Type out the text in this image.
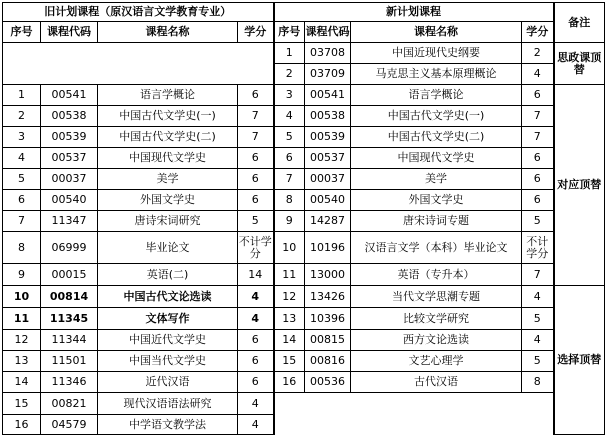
旧计划课程（原汉语言文学教育专业）				新计划课程				备注
序号	课程代码	课程名称	学分	序号	课程代码	课程名称	学分	
				1	03708	中国近现代史纲要	2	思政课顶替
				2	03709	马克思主义基本原理概论	4	
1	00541	语言学概论	6	3	00541	语言学概论	6	对应顶替
2	00538	中国古代文学史(一)	7	4	00538	中国古代文学史(一)	7	
3	00539	中国古代文学史(二)	7	5	00539	中国古代文学史(二)	7	
4	00537	中国现代文学史	6	6	00537	中国现代文学史	6	
5	00037	美学	6	7	00037	美学	6	
6	00540	外国文学史	6	8	00540	外国文学史	6	
7	11347	唐诗宋词研究	5	9	14287	唐宋诗词专题	5	
8	06999	毕业论文	不计学分	10	10196	汉语言文学（本科）毕业论文	不计学分	
9	00015	英语(二)	14	11	13000	英语（专升本）	7	
10	00814	中国古代文论选读	4	12	13426	当代文学思潮专题	4	选择顶替
11	11345	文体写作	4	13	10396	比较文学研究	5	
12	11344	中国近代文学史	6	14	00815	西方文论选读	4	
13	11501	中国当代文学史	6	15	00816	文艺心理学	5	
14	11346	近代汉语	6	16	00536	古代汉语	8	
15	00821	现代汉语语法研究	4					
16	04579	中学语文教学法	4					
